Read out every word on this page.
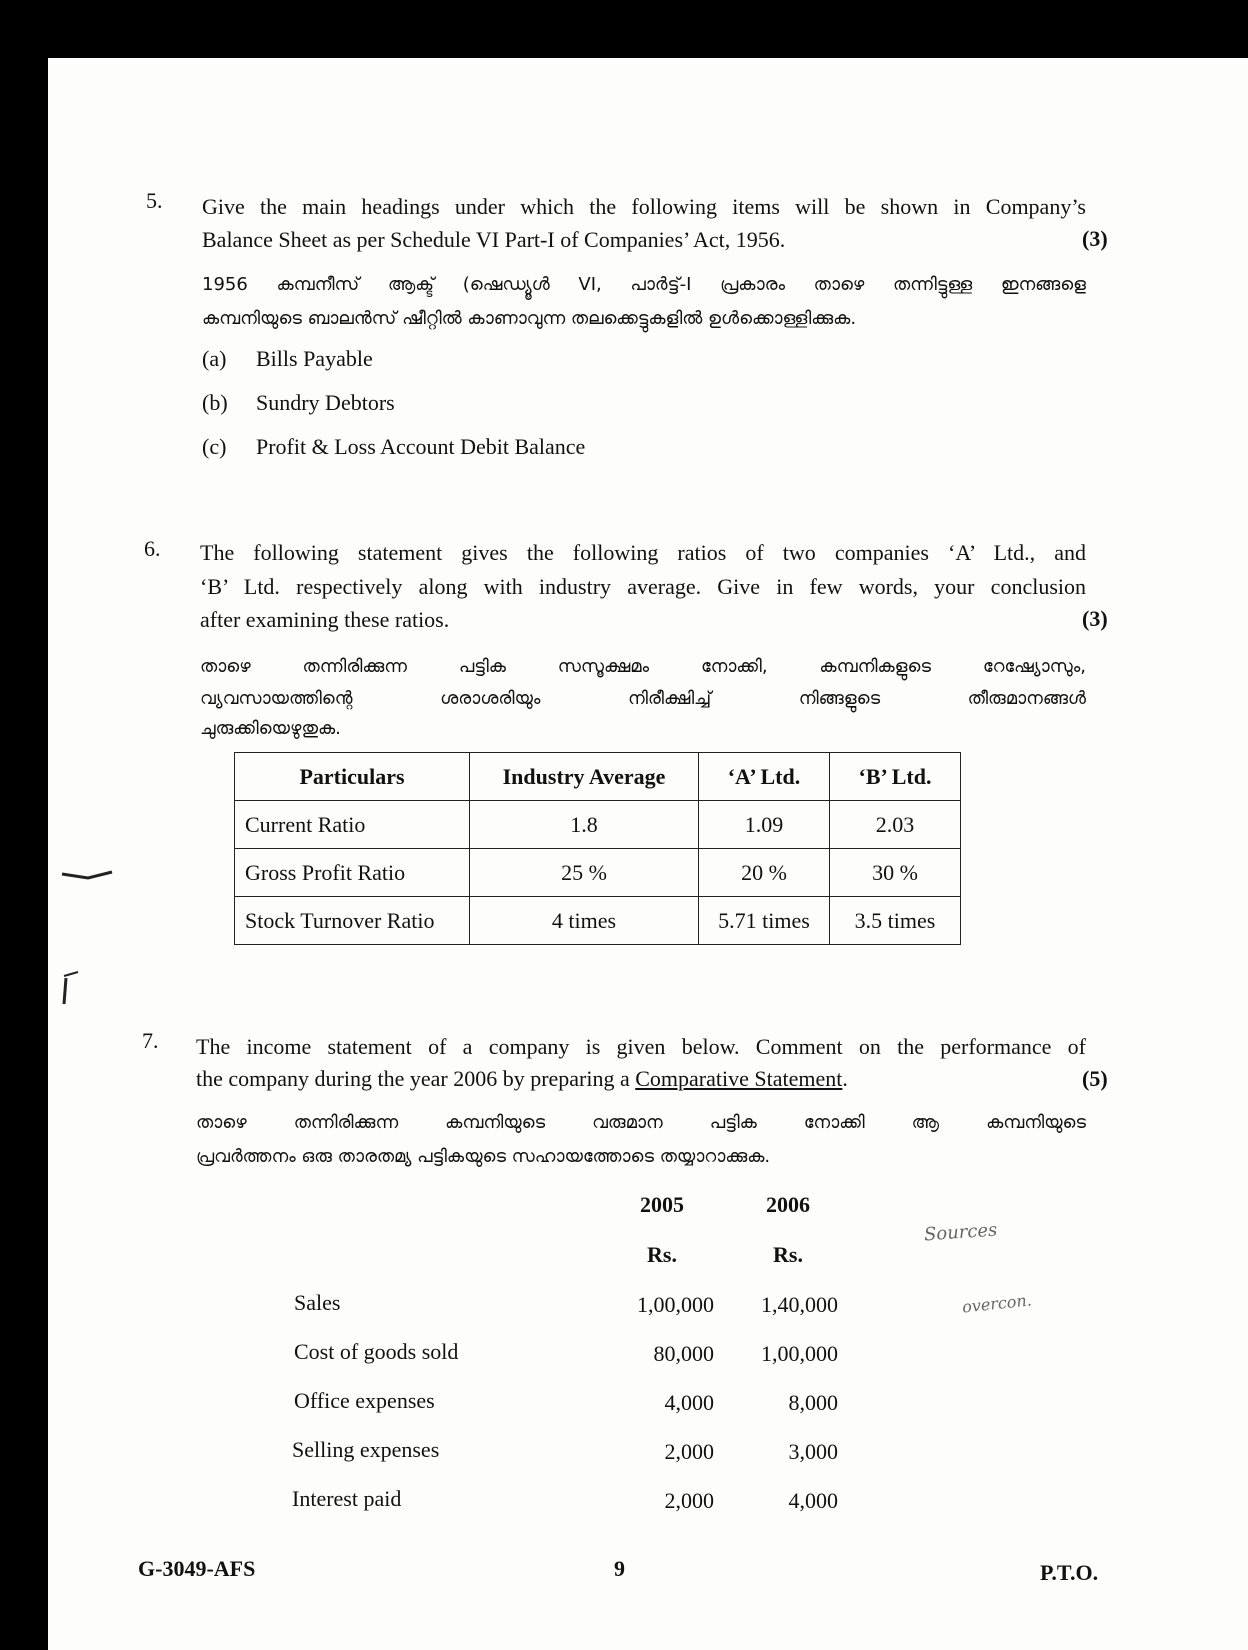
5. Give the main headings under which the following items will be shown in Company’s
Balance Sheet as per Schedule VI Part-I of Companies’ Act, 1956.	(3)
1956 കമ്പനീസ് ആക്ട് (ഷെഡ്യൂൾ VI, പാർട്ട്-I പ്രകാരം താഴെ തന്നിട്ടുള്ള ഇനങ്ങളെ
കമ്പനിയുടെ ബാലൻസ് ഷീറ്റിൽ കാണാവുന്ന തലക്കെട്ടുകളിൽ ഉൾക്കൊള്ളിക്കുക.
(a) Bills Payable
(b) Sundry Debtors
(c) Profit & Loss Account Debit Balance
6. The following statement gives the following ratios of two companies ‘A’ Ltd., and
‘B’ Ltd. respectively along with industry average. Give in few words, your conclusion
after examining these ratios.	(3)
താഴെ തന്നിരിക്കുന്ന പട്ടിക സസൂക്ഷമം നോക്കി, കമ്പനികളുടെ റേഷ്യോസും,
വ്യവസായത്തിന്റെ ശരാശരിയും നിരീക്ഷിച്ച് നിങ്ങളുടെ തീരുമാനങ്ങൾ
ചുരുക്കിയെഴുതുക.
Particulars	Industry Average	‘A’ Ltd.	‘B’ Ltd.
Current Ratio	1.8	1.09	2.03
Gross Profit Ratio	25 %	20 %	30 %
Stock Turnover Ratio	4 times	5.71 times	3.5 times
7. The income statement of a company is given below. Comment on the performance of
the company during the year 2006 by preparing a Comparative Statement.	(5)
താഴെ തന്നിരിക്കുന്ന കമ്പനിയുടെ വരുമാന പട്ടിക നോക്കി ആ കമ്പനിയുടെ
പ്രവർത്തനം ഒരു താരതമ്യ പട്ടികയുടെ സഹായത്തോടെ തയ്യാറാക്കുക.
2005	2006
Rs.	Rs.
Sales	1,00,000	1,40,000
Cost of goods sold	80,000	1,00,000
Office expenses	4,000	8,000
Selling expenses	2,000	3,000
Interest paid	2,000	4,000
Sources
overcon.
G-3049-AFS	9	P.T.O.
